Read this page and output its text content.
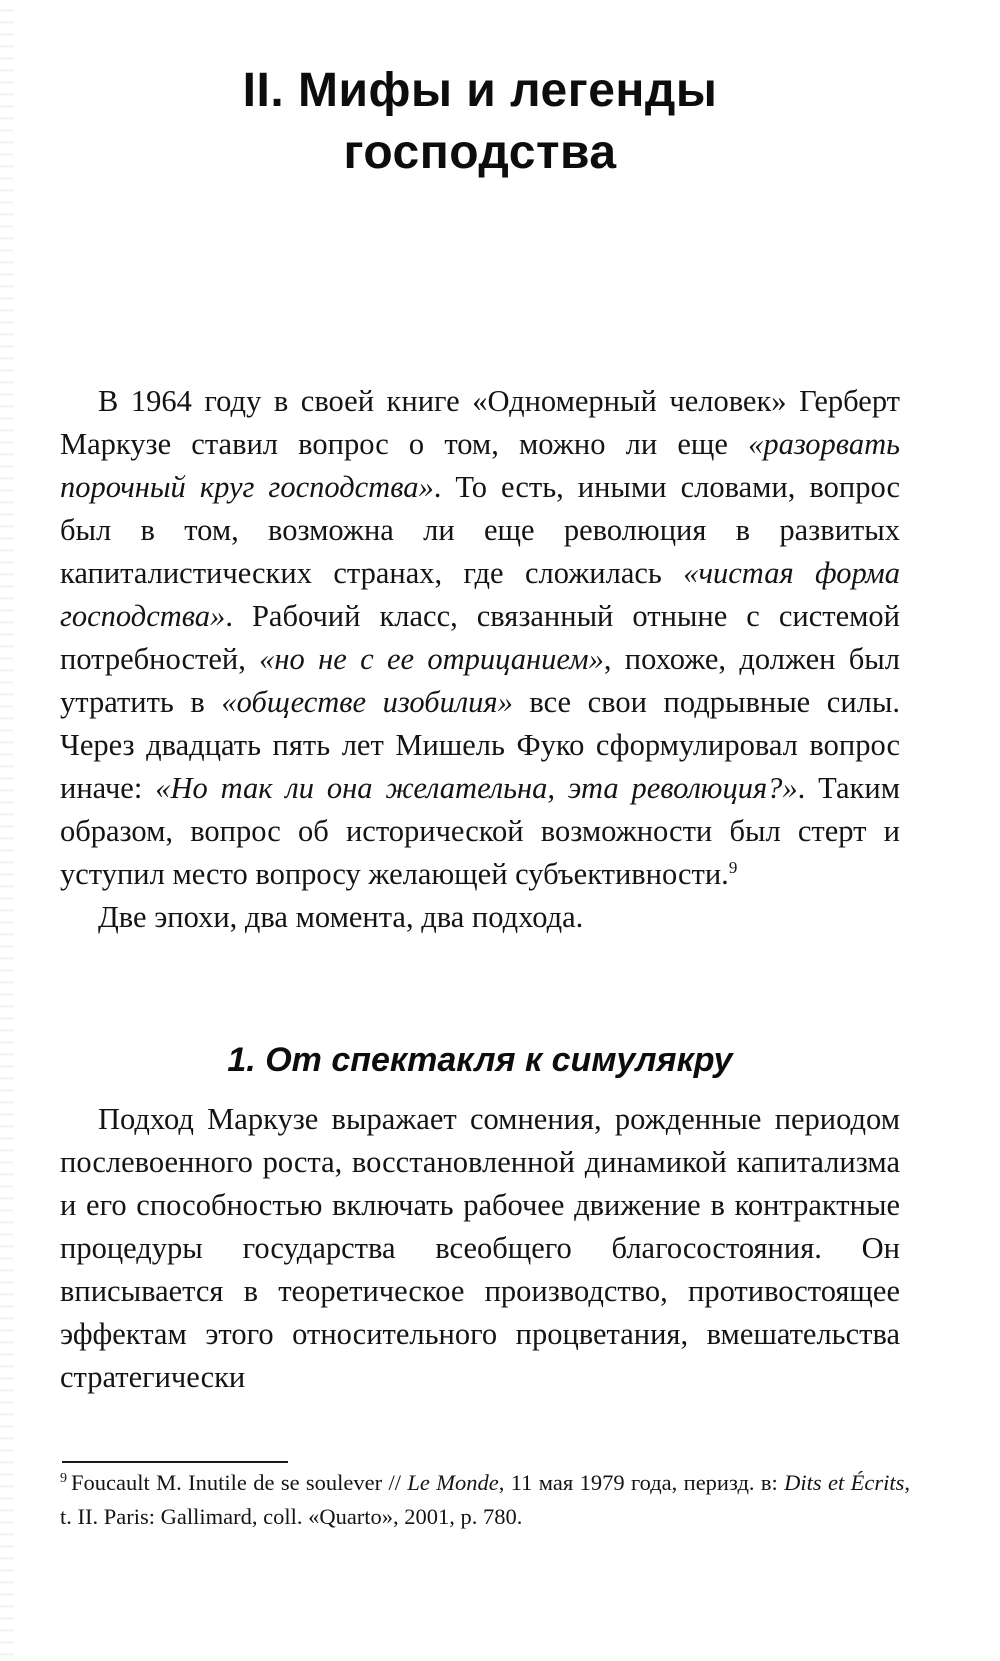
II. Мифы и легенды
господства

В 1964 году в своей книге «Одномерный человек» Герберт Маркузе ставил вопрос о том, можно ли еще «разорвать порочный круг господства». То есть, иными словами, вопрос был в том, возможна ли еще революция в развитых капиталистических странах, где сложилась «чистая форма господства». Рабочий класс, связанный отныне с системой потребностей, «но не с ее отрицанием», похоже, должен был утратить в «обществе изобилия» все свои подрывные силы. Через двадцать пять лет Мишель Фуко сформулировал вопрос иначе: «Но так ли она желательна, эта революция?». Таким образом, вопрос об исторической возможности был стерт и уступил место вопросу желающей субъективности.$^9$

Две эпохи, два момента, два подхода.

1. От спектакля к симулякру

Подход Маркузе выражает сомнения, рожденные периодом послевоенного роста, восстановленной динамикой капитализма и его способностью включать рабочее движение в контрактные процедуры государства всеобщего благосостояния. Он вписывается в теоретическое производство, противостоящее эффектам этого относительного процветания, вмешательства стратегически

$^9$ Foucault M. Inutile de se soulever // Le Monde, 11 мая 1979 года, перизд. в: Dits et Écrits, t. II. Paris: Gallimard, coll. «Quarto», 2001, p. 780.
